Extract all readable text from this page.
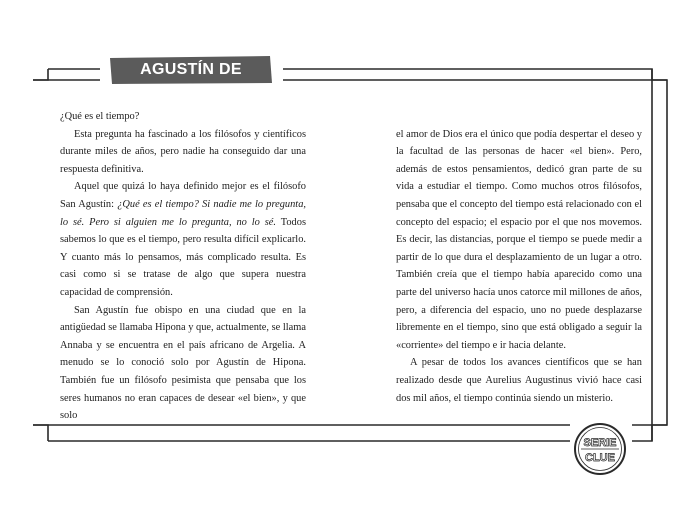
AGUSTÍN DE HIPONA

¿Qué es el tiempo?

Esta pregunta ha fascinado a los filósofos y científicos durante miles de años, pero nadie ha conseguido dar una respuesta definitiva.

Aquel que quizá lo haya definido mejor es el filósofo San Agustín: ¿Qué es el tiempo? Si nadie me lo pregunta, lo sé. Pero si alguien me lo pregunta, no lo sé. Todos sabemos lo que es el tiempo, pero resulta difícil explicarlo. Y cuanto más lo pensamos, más complicado resulta. Es casi como si se tratase de algo que supera nuestra capacidad de comprensión.

San Agustín fue obispo en una ciudad que en la antigüedad se llamaba Hipona y que, actualmente, se llama Annaba y se encuentra en el país africano de Argelia. A menudo se lo conoció solo por Agustín de Hipona. También fue un filósofo pesimista que pensaba que los seres humanos no eran capaces de desear «el bien», y que solo

el amor de Dios era el único que podía despertar el deseo y la facultad de las personas de hacer «el bien». Pero, además de estos pensamientos, dedicó gran parte de su vida a estudiar el tiempo. Como muchos otros filósofos, pensaba que el concepto del tiempo está relacionado con el concepto del espacio; el espacio por el que nos movemos. Es decir, las distancias, porque el tiempo se puede medir a partir de lo que dura el desplazamiento de un lugar a otro. También creía que el tiempo había aparecido como una parte del universo hacía unos catorce mil millones de años, pero, a diferencia del espacio, uno no puede desplazarse libremente en el tiempo, sino que está obligado a seguir la «corriente» del tiempo e ir hacia delante.

A pesar de todos los avances científicos que se han realizado desde que Aurelius Augustinus vivió hace casi dos mil años, el tiempo continúa siendo un misterio.

SERIE
CLUE
